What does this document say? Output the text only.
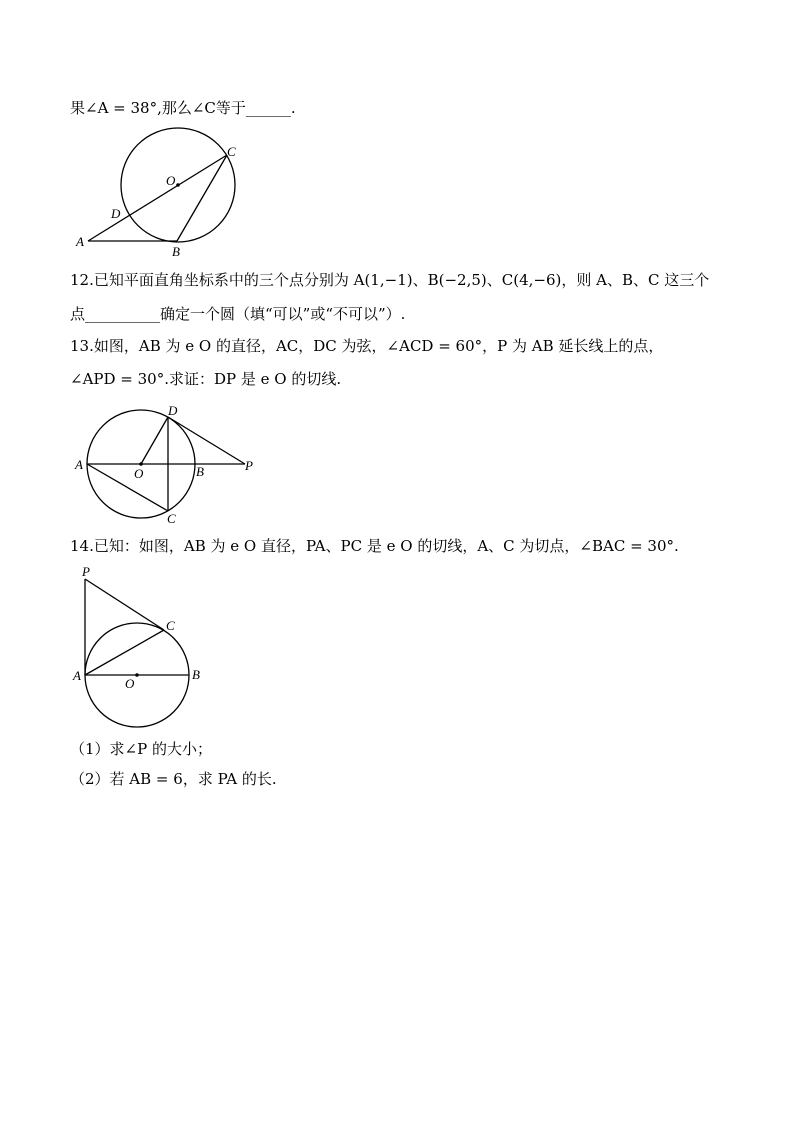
果∠A = 38°,那么∠C等于______.
C
O
D
A
B
12.已知平面直角坐标系中的三个点分别为 A(1,−1)、B(−2,5)、C(4,−6)，则 A、B、C 这三个
点__________确定一个圆（填“可以”或“不可以”）.
13.如图，AB 为 e O 的直径，AC，DC 为弦，∠ACD = 60°，P 为 AB 延长线上的点，
∠APD = 30°.求证：DP 是 e O 的切线.
D
A
O	B	P
C
14.已知：如图，AB 为 e O 直径，PA、PC 是 e O 的切线，A、C 为切点，∠BAC = 30°.
P
C
A
O
B
（1）求∠P 的大小；
（2）若 AB = 6，求 PA 的长.
